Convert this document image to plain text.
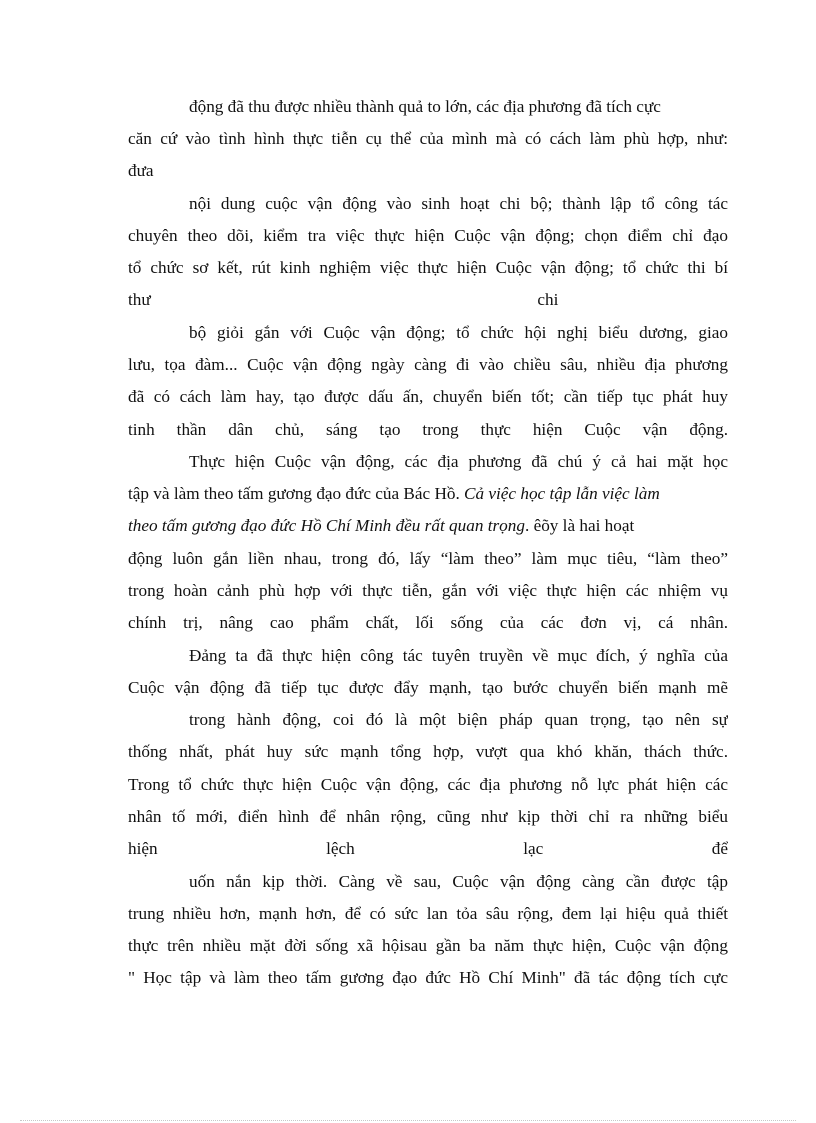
động đã thu được nhiều thành quả to lớn, các địa phương đã tích cực
căn cứ vào tình hình thực tiễn cụ thể của mình mà có cách làm phù hợp, như:
đưa
nội dung cuộc vận động vào sinh hoạt chi bộ; thành lập tổ công tác
chuyên theo dõi, kiểm tra việc thực hiện Cuộc vận động; chọn điểm chỉ đạo
tổ chức sơ kết, rút kinh nghiệm việc thực hiện Cuộc vận động; tổ chức thi bí
thư                                                                                          chi
bộ giỏi gắn với Cuộc vận động; tổ chức hội nghị biểu dương, giao
lưu, tọa đàm... Cuộc vận động ngày càng đi vào chiều sâu, nhiều địa phương
đã có cách làm hay, tạo được dấu ấn, chuyển biến tốt; cần tiếp tục phát huy
tinh thần dân chủ, sáng tạo trong thực hiện Cuộc vận động.
Thực hiện Cuộc vận động, các địa phương đã chú ý cả hai mặt học
tập và làm theo tấm gương đạo đức của Bác Hồ. Cả việc học tập lẫn việc làm
theo tấm gương đạo đức Hồ Chí Minh đều rất quan trọng. êõy là hai hoạt
động luôn gắn liền nhau, trong đó, lấy “làm theo” làm mục tiêu, “làm theo”
trong hoàn cảnh phù hợp với thực tiễn, gắn với việc thực hiện các nhiệm vụ
chính trị, nâng cao phẩm chất, lối sống của các đơn vị, cá nhân.
Đảng ta đã thực hiện công tác tuyên truyền về mục đích, ý nghĩa của
Cuộc vận động đã tiếp tục được đẩy mạnh, tạo bước chuyển biến mạnh mẽ
trong hành động, coi đó là một biện pháp quan trọng, tạo nên sự
thống nhất, phát huy sức mạnh tổng hợp, vượt qua khó khăn, thách thức.
Trong tổ chức thực hiện Cuộc vận động, các địa phương nỗ lực phát hiện các
nhân tố mới, điển hình để nhân rộng, cũng như kịp thời chỉ ra những biểu
hiện lệch lạc để
uốn nắn kịp thời. Càng về sau, Cuộc vận động càng cần được tập
trung nhiều hơn, mạnh hơn, để có sức lan tỏa sâu rộng, đem lại hiệu quả thiết
thực trên nhiều mặt đời sống xã hộisau gần ba năm thực hiện, Cuộc vận động
" Học tập và làm theo tấm gương đạo đức Hồ Chí Minh" đã tác động tích cực
